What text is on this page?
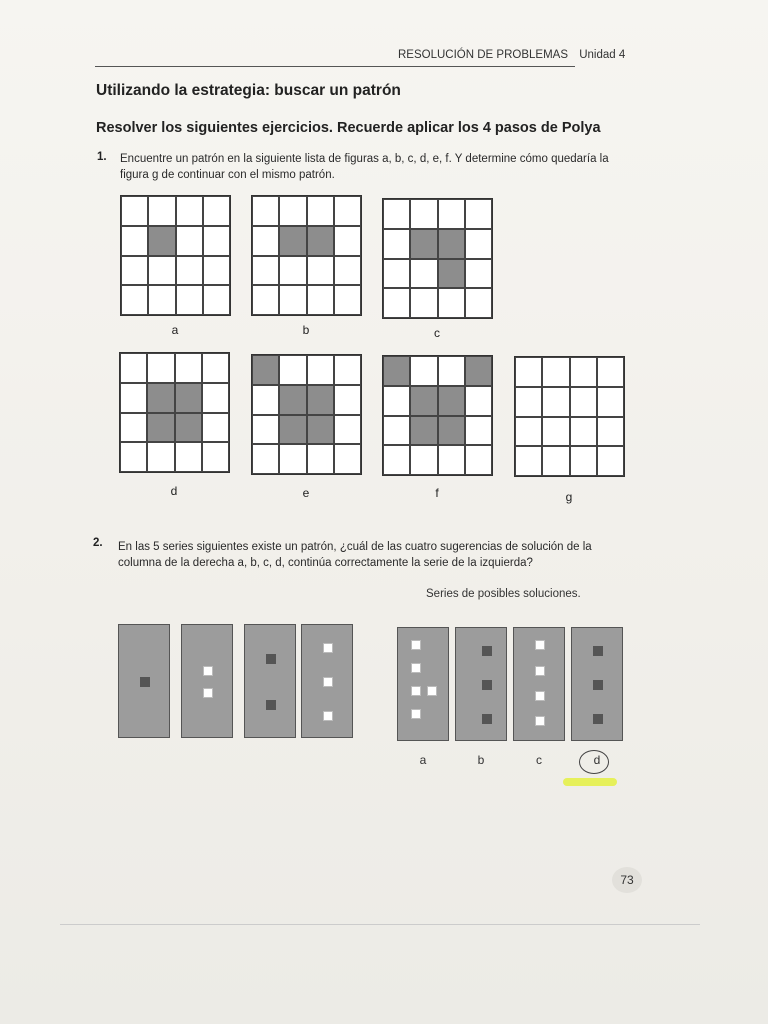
RESOLUCIÓN DE PROBLEMAS Unidad 4
Utilizando la estrategia: buscar un patrón
Resolver los siguientes ejercicios. Recuerde aplicar los 4 pasos de Polya
1. Encuentre un patrón en la siguiente lista de figuras a, b, c, d, e, f. Y determine cómo quedaría la figura g de continuar con el mismo patrón.
a	b	c
d	e	f	g
2. En las 5 series siguientes existe un patrón, ¿cuál de las cuatro sugerencias de solución de la columna de la derecha a, b, c, d, continúa correctamente la serie de la izquierda?
Series de posibles soluciones.
a	b	c	d
73
